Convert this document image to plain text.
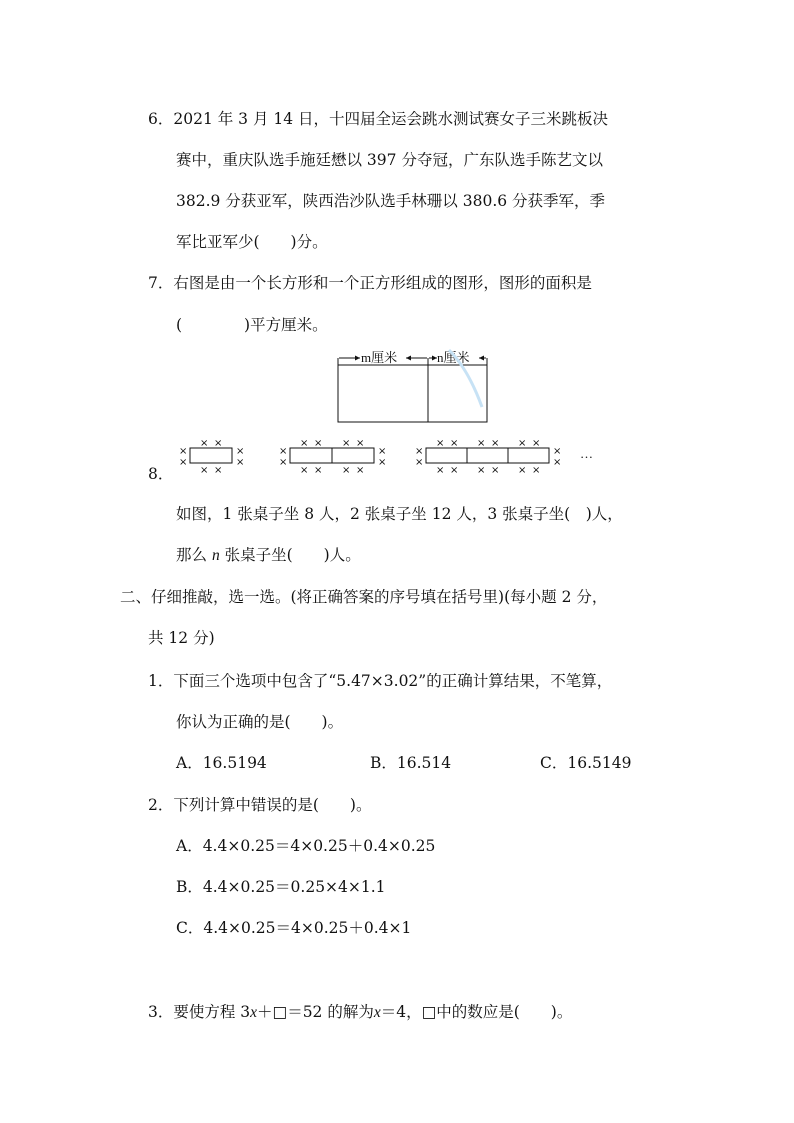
6．2021 年 3 月 14 日，十四届全运会跳水测试赛女子三米跳板决
赛中，重庆队选手施廷懋以 397 分夺冠，广东队选手陈艺文以
382.9 分获亚军，陕西浩沙队选手林珊以 380.6 分获季军，季
军比亚军少(　　)分。
7．右图是由一个长方形和一个正方形组成的图形，图形的面积是
(　　　　)平方厘米。
m厘米	n厘米
× ×
× ×
×
×
×
×
× × × ×
× × × ×
×
×
×
×
× × × × × ×
× × × × × ×
×
×
×
×
…
8．
如图，1 张桌子坐 8 人，2 张桌子坐 12 人，3 张桌子坐(　)人，
那么 n 张桌子坐(　　)人。
二、仔细推敲，选一选。(将正确答案的序号填在括号里)(每小题 2 分，
共 12 分)
1．下面三个选项中包含了“5.47×3.02”的正确计算结果，不笔算，
你认为正确的是(　　)。
A．16.5194	B．16.514	C．16.5149
2．下列计算中错误的是(　　)。
A．4.4×0.25＝4×0.25＋0.4×0.25
B．4.4×0.25＝0.25×4×1.1
C．4.4×0.25＝4×0.25＋0.4×1
3．要使方程 3x＋□＝52 的解为x＝4，□中的数应是(　　)。
